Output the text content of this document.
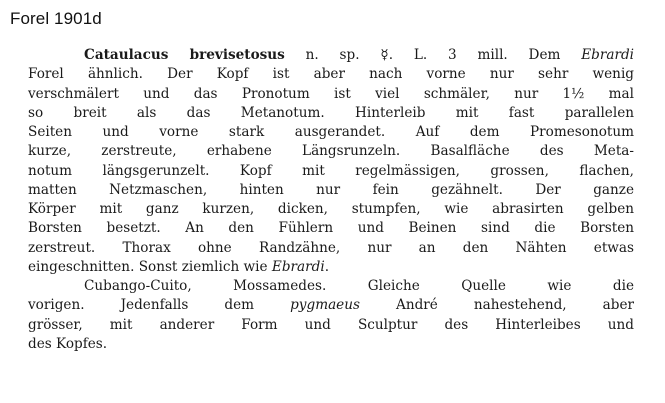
Forel 1901d
Cataulacus brevisetosus n. sp. ☿. L. 3 mill. Dem Ebrardi
Forel ähnlich. Der Kopf ist aber nach vorne nur sehr wenig
verschmälert und das Pronotum ist viel schmäler, nur 1½ mal
so breit als das Metanotum. Hinterleib mit fast parallelen
Seiten und vorne stark ausgerandet. Auf dem Promesonotum
kurze, zerstreute, erhabene Längsrunzeln. Basalfläche des Meta-
notum längsgerunzelt. Kopf mit regelmässigen, grossen, flachen,
matten Netzmaschen, hinten nur fein gezähnelt. Der ganze
Körper mit ganz kurzen, dicken, stumpfen, wie abrasirten gelben
Borsten besetzt. An den Fühlern und Beinen sind die Borsten
zerstreut. Thorax ohne Randzähne, nur an den Nähten etwas
eingeschnitten. Sonst ziemlich wie Ebrardi.
Cubango-Cuito, Mossamedes. Gleiche Quelle wie die
vorigen. Jedenfalls dem pygmaeus André nahestehend, aber
grösser, mit anderer Form und Sculptur des Hinterleibes und
des Kopfes.
